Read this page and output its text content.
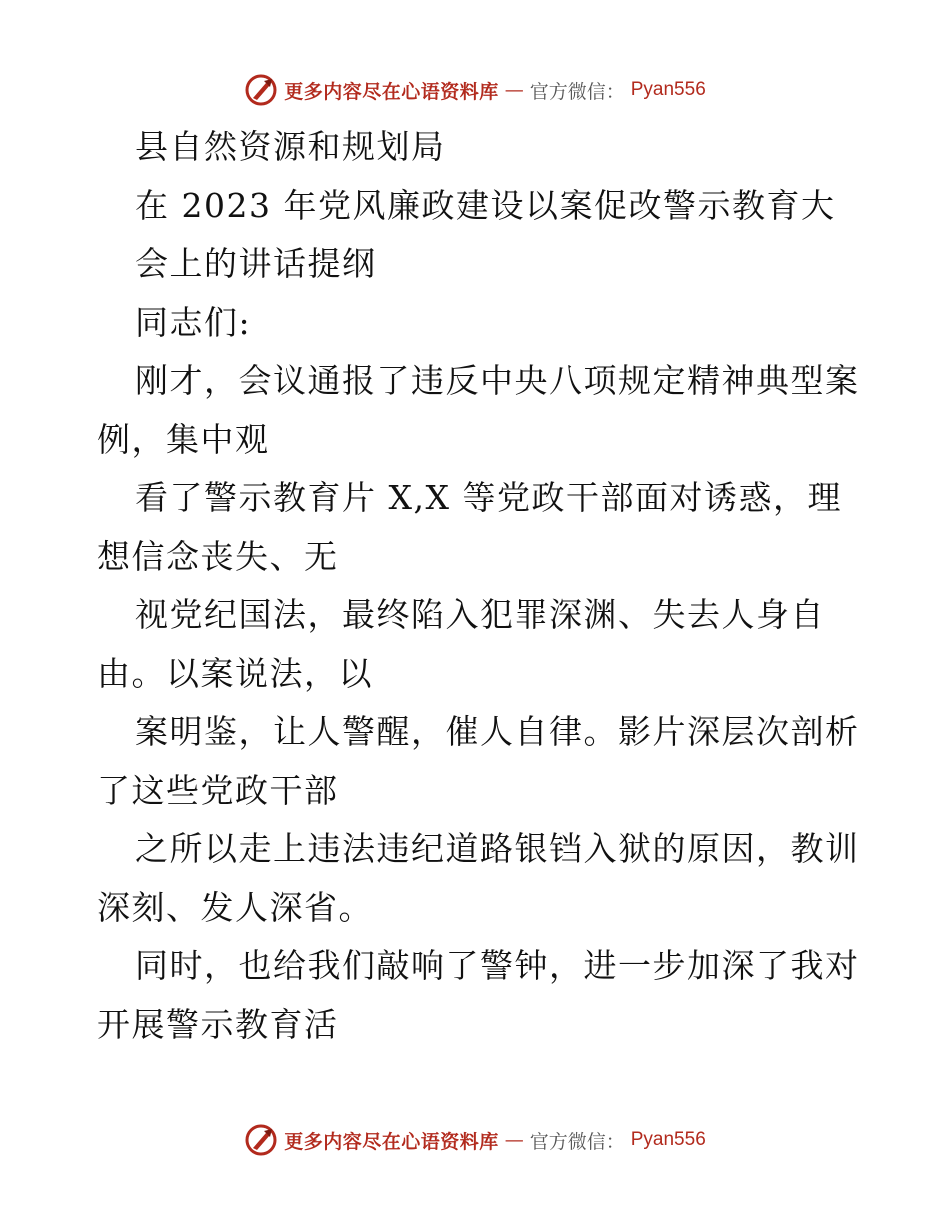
更多内容尽在心语资料库 — 官方微信： Pyan556
县自然资源和规划局
在 2023 年党风廉政建设以案促改警示教育大
会上的讲话提纲
同志们:
刚才，会议通报了违反中央八项规定精神典型案
例，集中观
看了警示教育片 X,X 等党政干部面对诱惑，理
想信念丧失、无
视党纪国法，最终陷入犯罪深渊、失去人身自
由。以案说法，以
案明鉴，让人警醒，催人自律。影片深层次剖析
了这些党政干部
之所以走上违法违纪道路银铛入狱的原因，教训
深刻、发人深省。
同时，也给我们敲响了警钟，进一步加深了我对
开展警示教育活
更多内容尽在心语资料库 — 官方微信： Pyan556
